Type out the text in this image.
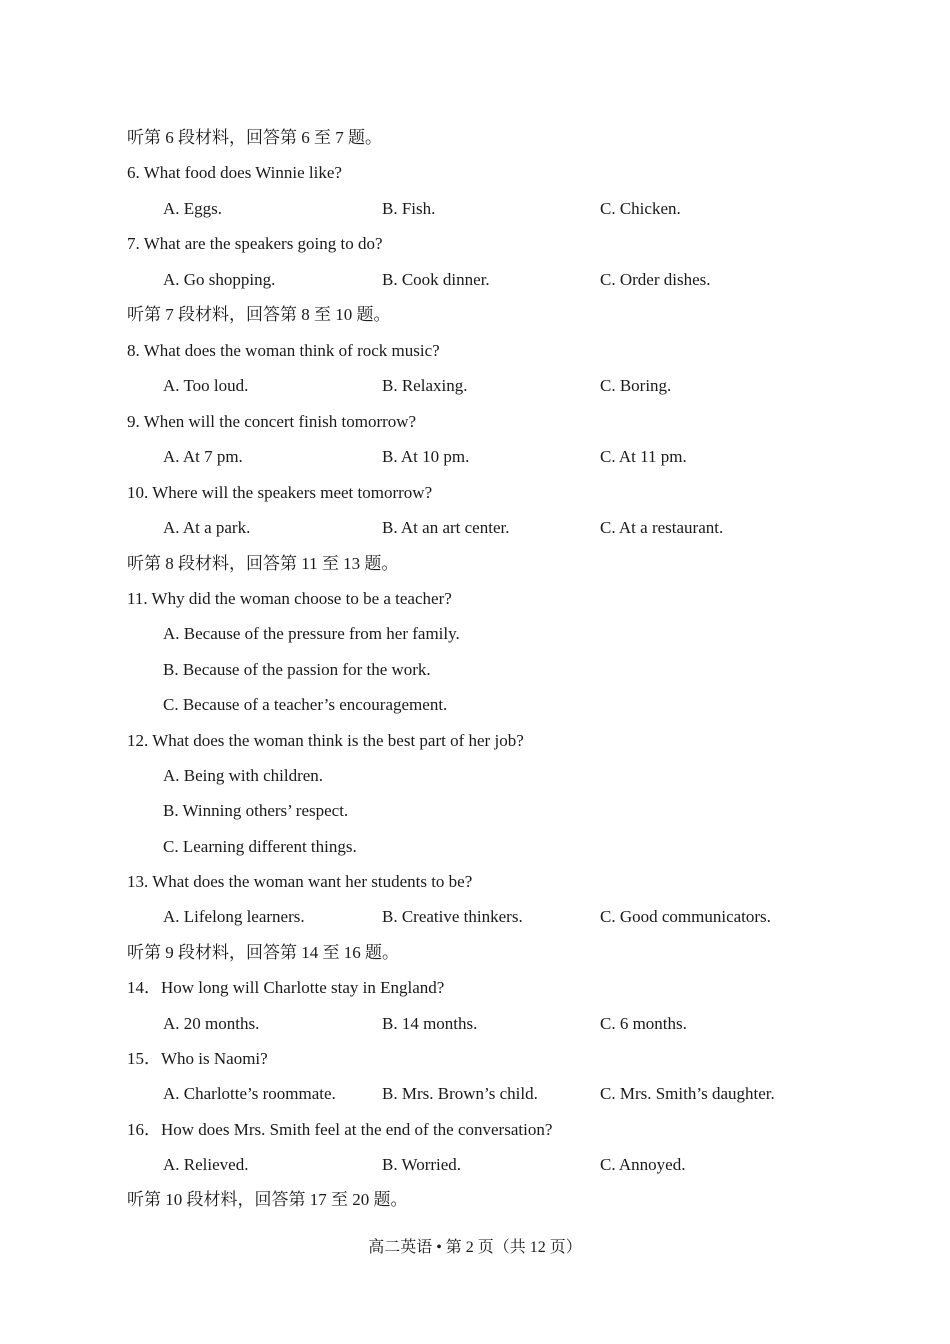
听第 6 段材料，回答第 6 至 7 题。
6. What food does Winnie like?
A. Eggs.	B. Fish.	C. Chicken.
7. What are the speakers going to do?
A. Go shopping.	B. Cook dinner.	C. Order dishes.
听第 7 段材料，回答第 8 至 10 题。
8. What does the woman think of rock music?
A. Too loud.	B. Relaxing.	C. Boring.
9. When will the concert finish tomorrow?
A. At 7 pm.	B. At 10 pm.	C. At 11 pm.
10. Where will the speakers meet tomorrow?
A. At a park.	B. At an art center.	C. At a restaurant.
听第 8 段材料，回答第 11 至 13 题。
11. Why did the woman choose to be a teacher?
A. Because of the pressure from her family.
B. Because of the passion for the work.
C. Because of a teacher’s encouragement.
12. What does the woman think is the best part of her job?
A. Being with children.
B. Winning others’ respect.
C. Learning different things.
13. What does the woman want her students to be?
A. Lifelong learners.	B. Creative thinkers.	C. Good communicators.
听第 9 段材料，回答第 14 至 16 题。
14．How long will Charlotte stay in England?
A. 20 months.	B. 14 months.	C. 6 months.
15．Who is Naomi?
A. Charlotte’s roommate.	B. Mrs. Brown’s child.	C. Mrs. Smith’s daughter.
16．How does Mrs. Smith feel at the end of the conversation?
A. Relieved.	B. Worried.	C. Annoyed.
听第 10 段材料，回答第 17 至 20 题。
高二英语 • 第 2 页（共 12 页）
